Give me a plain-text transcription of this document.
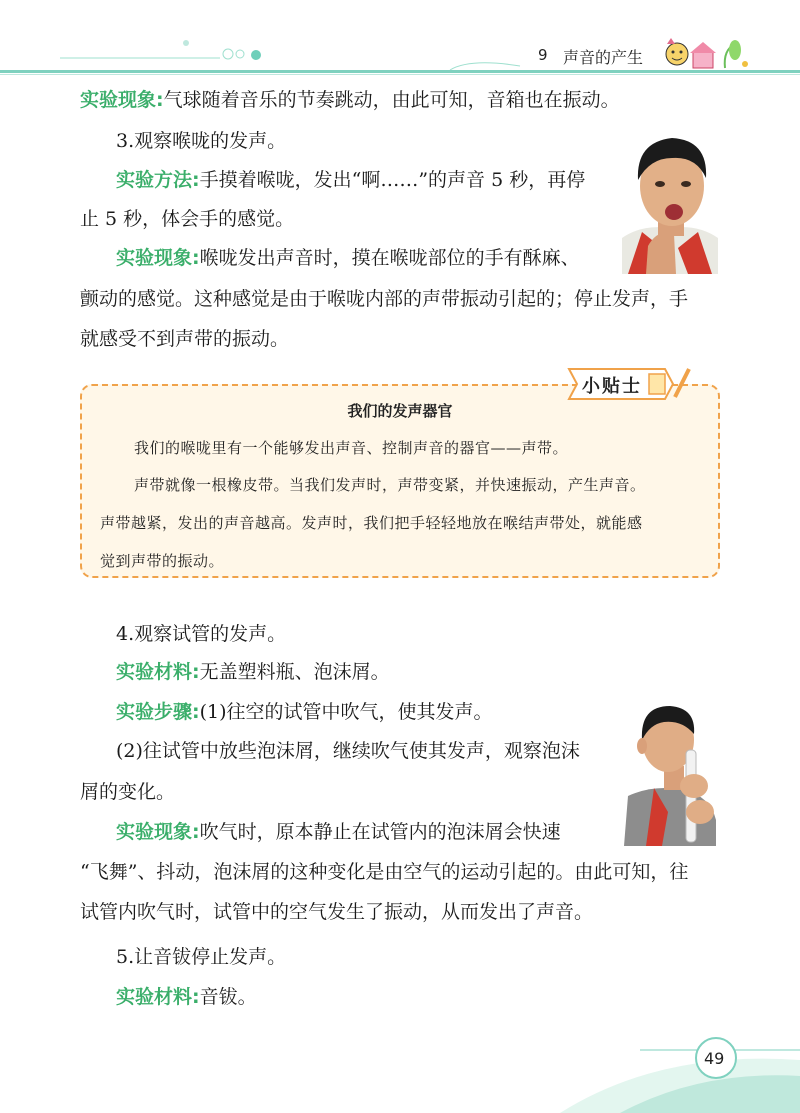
9 声音的产生
实验现象:气球随着音乐的节奏跳动，由此可知，音箱也在振动。
3.观察喉咙的发声。
实验方法:手摸着喉咙，发出“啊……”的声音 5 秒，再停
止 5 秒，体会手的感觉。
实验现象:喉咙发出声音时，摸在喉咙部位的手有酥麻、
颤动的感觉。这种感觉是由于喉咙内部的声带振动引起的；停止发声，手
就感受不到声带的振动。
小贴士
我们的发声器官
我们的喉咙里有一个能够发出声音、控制声音的器官——声带。
声带就像一根橡皮带。当我们发声时，声带变紧，并快速振动，产生声音。
声带越紧，发出的声音越高。发声时，我们把手轻轻地放在喉结声带处，就能感
觉到声带的振动。
4.观察试管的发声。
实验材料:无盖塑料瓶、泡沫屑。
实验步骤:(1)往空的试管中吹气，使其发声。
(2)往试管中放些泡沫屑，继续吹气使其发声，观察泡沫
屑的变化。
实验现象:吹气时，原本静止在试管内的泡沫屑会快速
“飞舞”、抖动，泡沫屑的这种变化是由空气的运动引起的。由此可知，往
试管内吹气时，试管中的空气发生了振动，从而发出了声音。
5.让音钹停止发声。
实验材料:音钹。
49
